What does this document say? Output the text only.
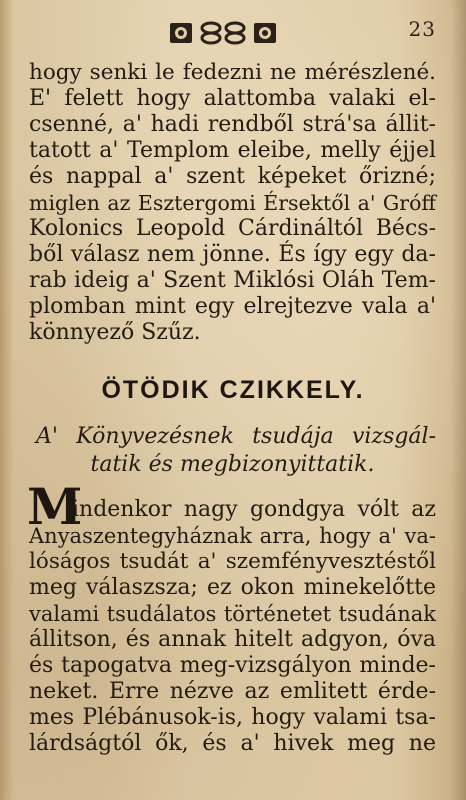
23
hogy senki le fedezni ne mérészlené.
E' felett hogy alattomba valaki el-
csenné, a' hadi rendből strá'sa állit-
tatott a' Templom eleibe, melly éjjel
és nappal a' szent képeket őrizné;
miglen az Esztergomi Érsektől a' Gróff
Kolonics Leopold Cárdináltól Bécs-
ből válasz nem jönne. És így egy da-
rab ideig a' Szent Miklósi Oláh Tem-
plomban mint egy elrejtezve vala a'
könnyező Szűz.
ÖTÖDIK CZIKKELY.
A' Könyvezésnek tsudája vizsgál-
tatik és megbizonyittatik.
M
indenkor nagy gondgya vólt az
Anyaszentegyháznak arra, hogy a' va-
lóságos tsudát a' szemfényvesztéstől
meg válaszsza; ez okon minekelőtte
valami tsudálatos történetet tsudának
állitson, és annak hitelt adgyon, óva
és tapogatva meg-vizsgályon minde-
neket. Erre nézve az emlitett érde-
mes Plébánusok-is, hogy valami tsa-
lárdságtól ők, és a' hivek meg ne
